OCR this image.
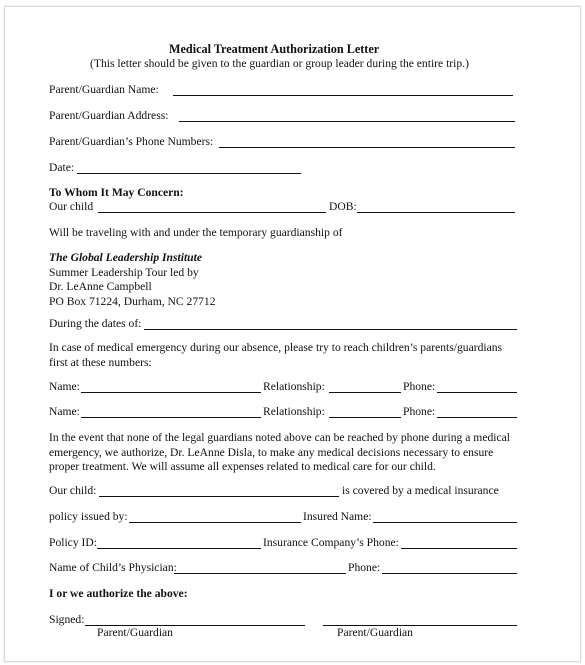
Medical Treatment Authorization Letter
(This letter should be given to the guardian or group leader during the entire trip.)
Parent/Guardian Name:
Parent/Guardian Address:
Parent/Guardian’s Phone Numbers:
Date:
To Whom It May Concern:
Our child	DOB:
Will be traveling with and under the temporary guardianship of
The Global Leadership Institute
Summer Leadership Tour led by
Dr. LeAnne Campbell
PO Box 71224, Durham, NC 27712
During the dates of:
In case of medical emergency during our absence, please try to reach children’s parents/guardians
first at these numbers:
Name:	Relationship:	Phone:
Name:	Relationship:	Phone:
In the event that none of the legal guardians noted above can be reached by phone during a medical
emergency, we authorize, Dr. LeAnne Disla, to make any medical decisions necessary to ensure
proper treatment. We will assume all expenses related to medical care for our child.
Our child:	is covered by a medical insurance
policy issued by:	Insured Name:
Policy ID:	Insurance Company’s Phone:
Name of Child’s Physician:	Phone:
I or we authorize the above:
Signed:
Parent/Guardian	Parent/Guardian
